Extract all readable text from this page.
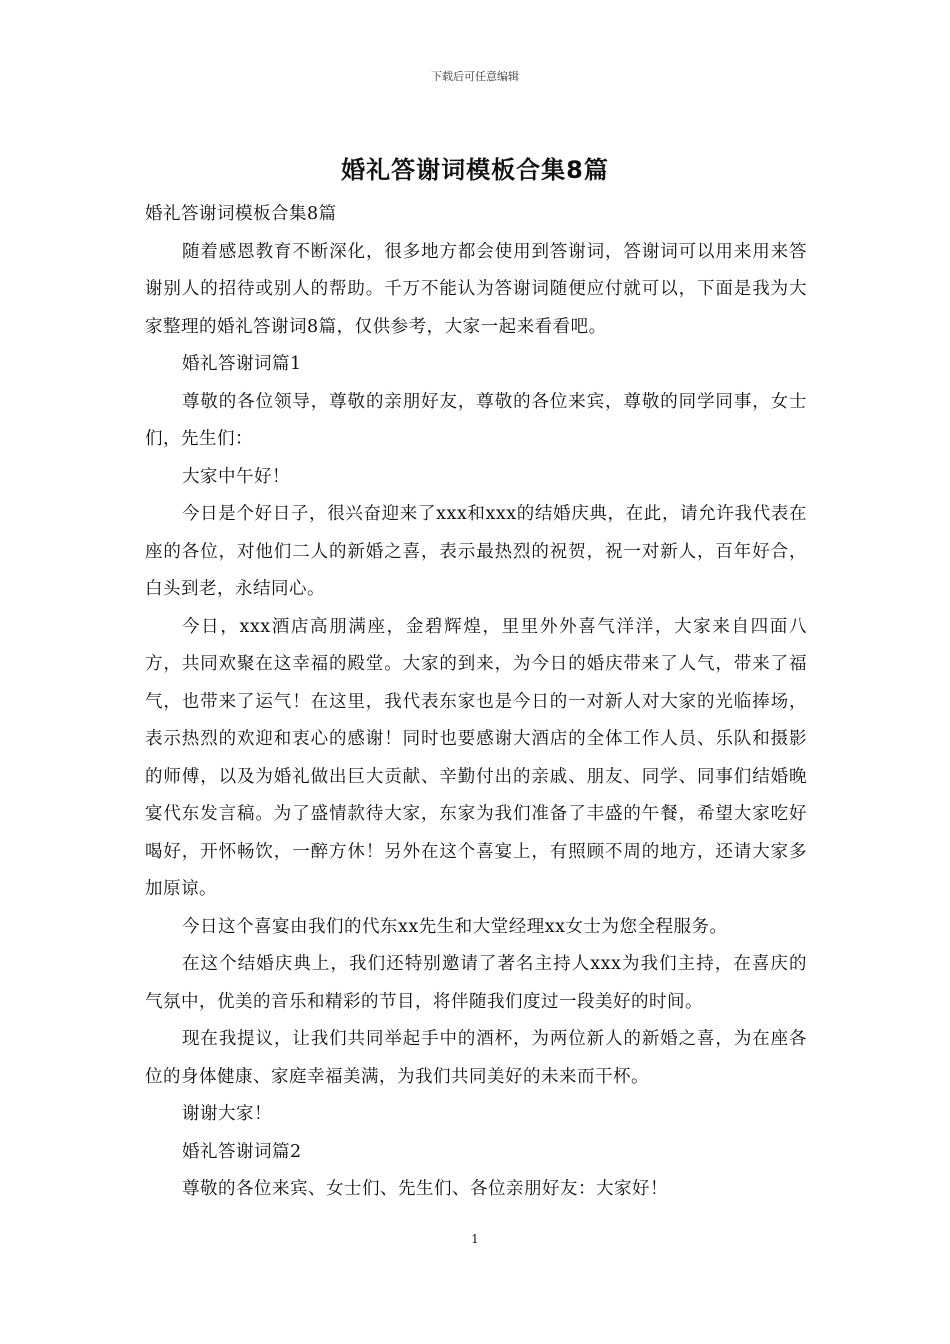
下载后可任意编辑
婚礼答谢词模板合集8篇

婚礼答谢词模板合集8篇

随着感恩教育不断深化，很多地方都会使用到答谢词，答谢词可以用来用来答谢别人的招待或别人的帮助。千万不能认为答谢词随便应付就可以，下面是我为大家整理的婚礼答谢词8篇，仅供参考，大家一起来看看吧。

婚礼答谢词篇1

尊敬的各位领导，尊敬的亲朋好友，尊敬的各位来宾，尊敬的同学同事，女士们，先生们：

大家中午好！

今日是个好日子，很兴奋迎来了xxx和xxx的结婚庆典，在此，请允许我代表在座的各位，对他们二人的新婚之喜，表示最热烈的祝贺，祝一对新人，百年好合，白头到老，永结同心。

今日，xxx酒店高朋满座，金碧辉煌，里里外外喜气洋洋，大家来自四面八方，共同欢聚在这幸福的殿堂。大家的到来，为今日的婚庆带来了人气，带来了福气，也带来了运气！在这里，我代表东家也是今日的一对新人对大家的光临捧场，表示热烈的欢迎和衷心的感谢！同时也要感谢大酒店的全体工作人员、乐队和摄影的师傅，以及为婚礼做出巨大贡献、辛勤付出的亲戚、朋友、同学、同事们结婚晚宴代东发言稿。为了盛情款待大家，东家为我们准备了丰盛的午餐，希望大家吃好喝好，开怀畅饮，一醉方休！另外在这个喜宴上，有照顾不周的地方，还请大家多加原谅。

今日这个喜宴由我们的代东xx先生和大堂经理xx女士为您全程服务。

在这个结婚庆典上，我们还特别邀请了著名主持人xxx为我们主持，在喜庆的气氛中，优美的音乐和精彩的节目，将伴随我们度过一段美好的时间。

现在我提议，让我们共同举起手中的酒杯，为两位新人的新婚之喜，为在座各位的身体健康、家庭幸福美满，为我们共同美好的未来而干杯。

谢谢大家！

婚礼答谢词篇2

尊敬的各位来宾、女士们、先生们、各位亲朋好友：大家好！

1
